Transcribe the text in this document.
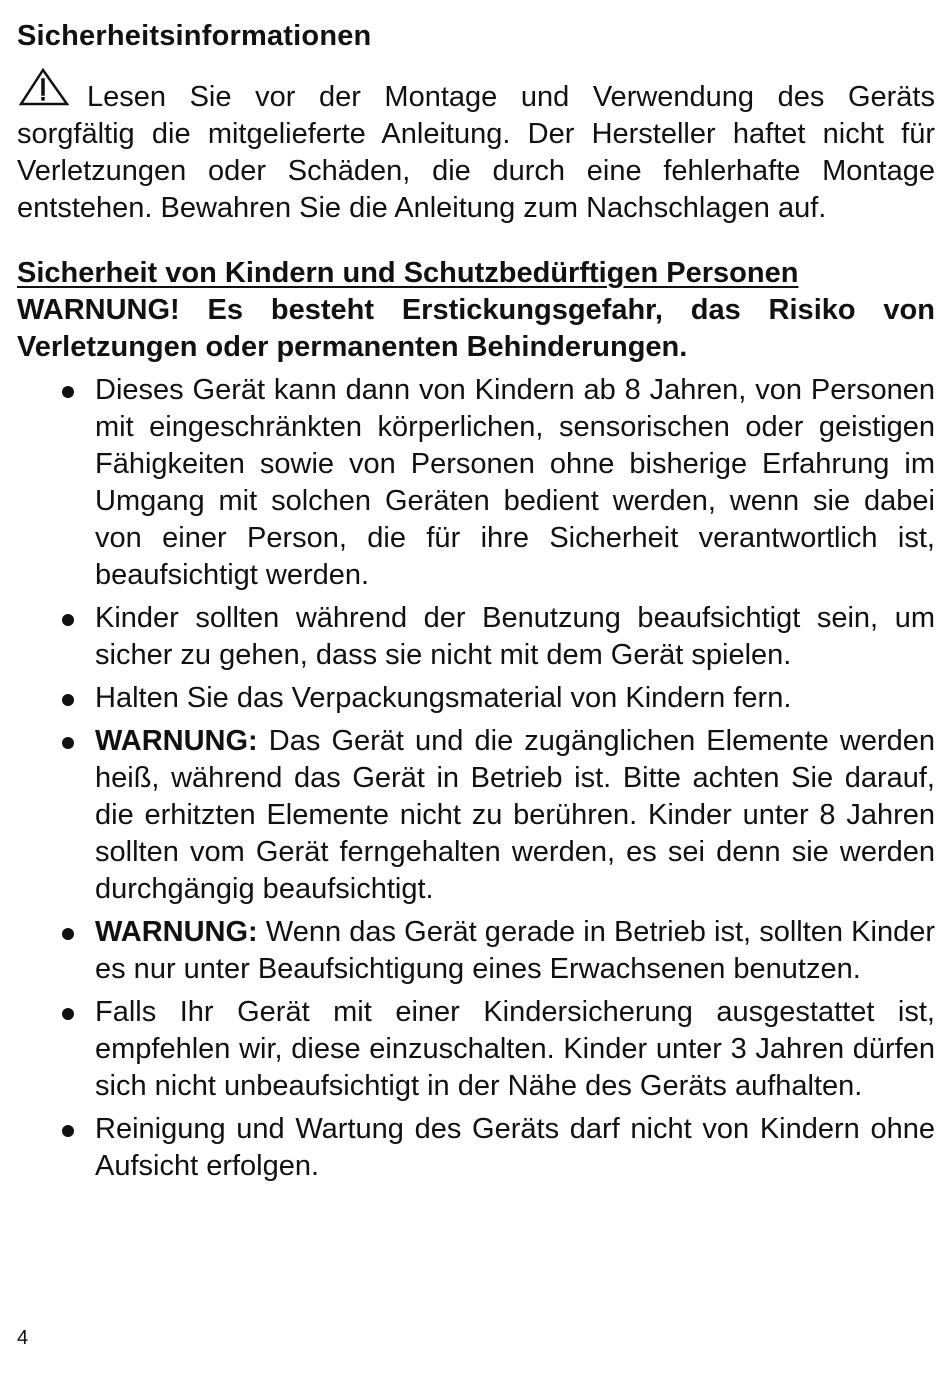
Sicherheitsinformationen

Lesen Sie vor der Montage und Verwendung des Geräts sorgfältig die mitgelieferte Anleitung. Der Hersteller haftet nicht für Verletzungen oder Schäden, die durch eine fehlerhafte Montage entstehen. Bewahren Sie die Anleitung zum Nachschlagen auf.

Sicherheit von Kindern und Schutzbedürftigen Personen

WARNUNG! Es besteht Erstickungsgefahr, das Risiko von Verletzungen oder permanenten Behinderungen.

Dieses Gerät kann dann von Kindern ab 8 Jahren, von Personen mit eingeschränkten körperlichen, sensorischen oder geistigen Fähigkeiten sowie von Personen ohne bisherige Erfahrung im Umgang mit solchen Geräten bedient werden, wenn sie dabei von einer Person, die für ihre Sicherheit verantwortlich ist, beaufsichtigt werden.
Kinder sollten während der Benutzung beaufsichtigt sein, um sicher zu gehen, dass sie nicht mit dem Gerät spielen.
Halten Sie das Verpackungsmaterial von Kindern fern.
WARNUNG: Das Gerät und die zugänglichen Elemente werden heiß, während das Gerät in Betrieb ist. Bitte achten Sie darauf, die erhitzten Elemente nicht zu berühren. Kinder unter 8 Jahren sollten vom Gerät ferngehalten werden, es sei denn sie werden durchgängig beaufsichtigt.
WARNUNG: Wenn das Gerät gerade in Betrieb ist, sollten Kinder es nur unter Beaufsichtigung eines Erwachsenen benutzen.
Falls Ihr Gerät mit einer Kindersicherung ausgestattet ist, empfehlen wir, diese einzuschalten. Kinder unter 3 Jahren dürfen sich nicht unbeaufsichtigt in der Nähe des Geräts aufhalten.
Reinigung und Wartung des Geräts darf nicht von Kindern ohne Aufsicht erfolgen.
4
